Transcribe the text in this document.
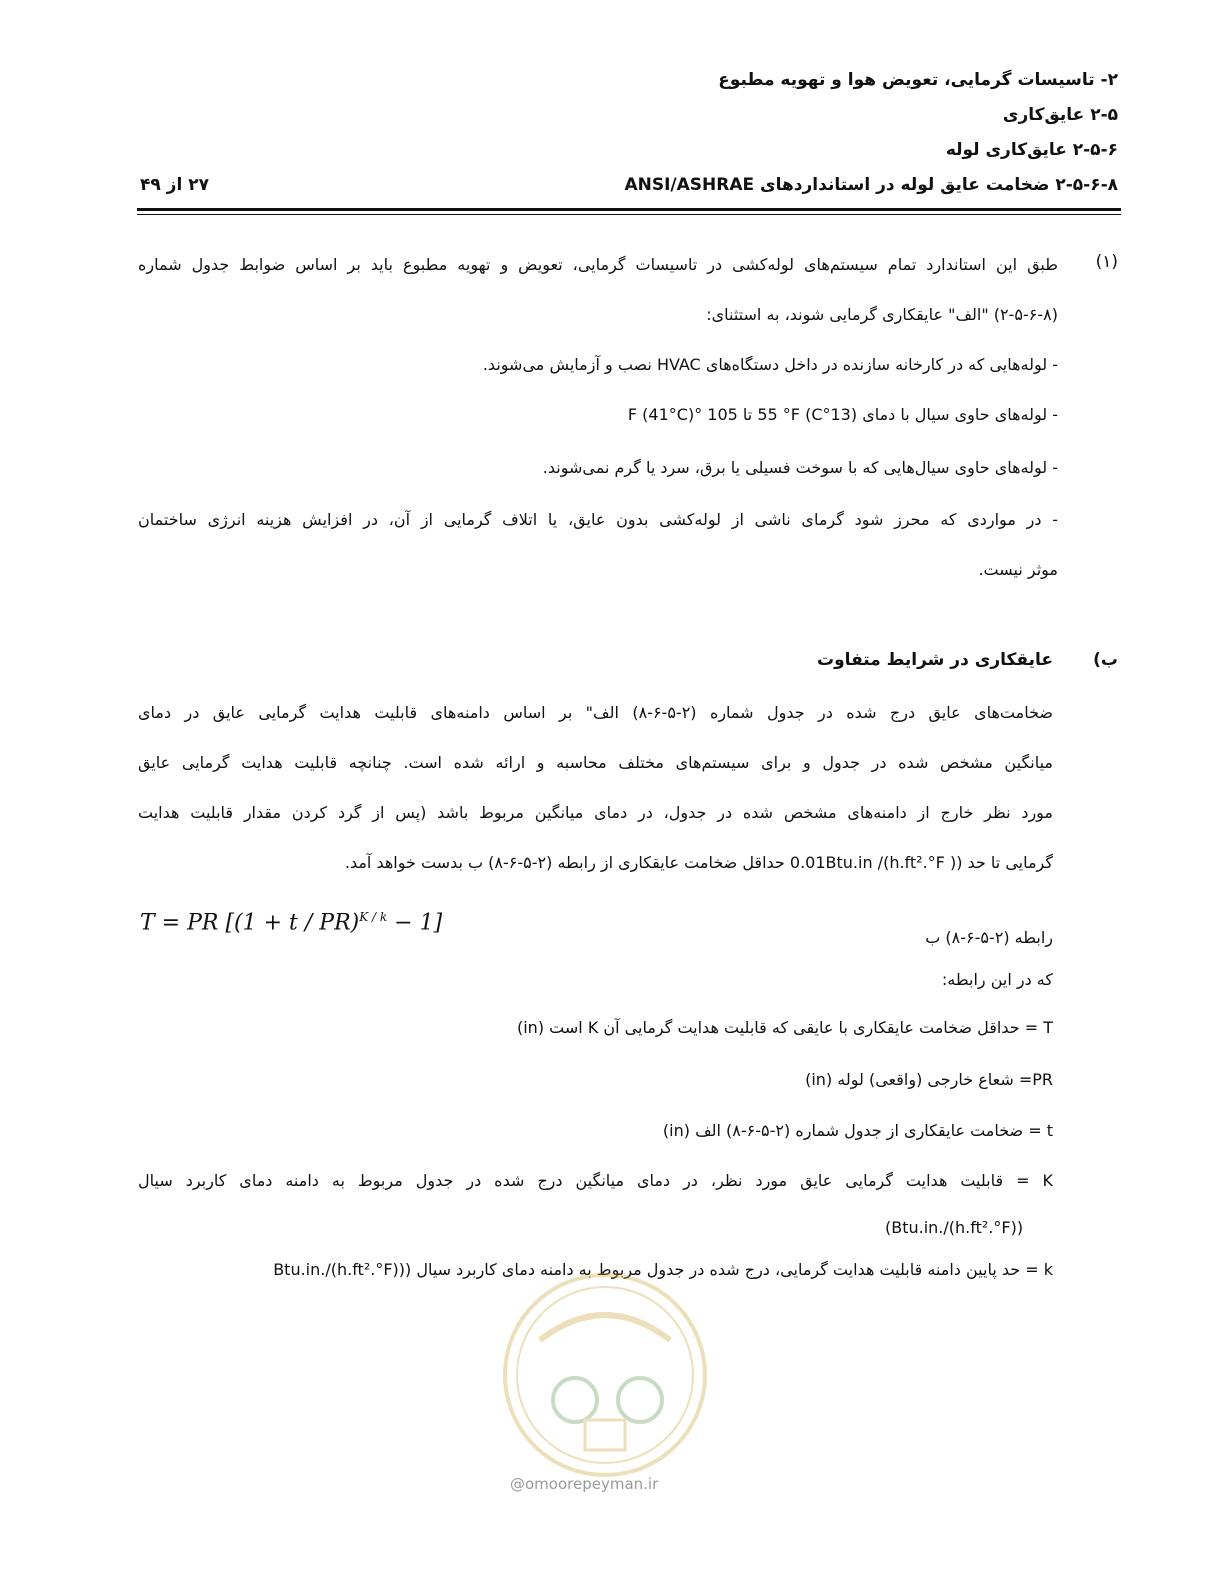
۲- تاسیسات گرمایی، تعویض هوا و تهویه مطبوع
۲-۵ عایق‌کاری
۲-۵-۶ عایق‌کاری لوله
۲-۵-۶-۸ ضخامت عایق لوله در استانداردهای ANSI/ASHRAE
۲۷ از ۴۹
(۱)
طبق این استاندارد تمام سیستم‌های لوله‌کشی در تاسیسات گرمایی، تعویض و تهویه مطبوع باید بر اساس ضوابط جدول شماره
(۲-۵-۶-۸) "الف" عایقکاری گرمایی شوند، به استثنای:
- لوله‌هایی که در کارخانه سازنده در داخل دستگاه‌های HVAC نصب و آزمایش می‌شوند.
- لوله‌های حاوی سیال با دمای (13°C) 55 °F تا 105 °F (41°C)
- لوله‌های حاوی سیال‌هایی که با سوخت فسیلی یا برق، سرد یا گرم نمی‌شوند.
- در مواردی که محرز شود گرمای ناشی از لوله‌کشی بدون عایق، یا اتلاف گرمایی از آن، در افزایش هزینه انرژی ساختمان
موثر نیست.
ب)
عایقکاری در شرایط متفاوت
ضخامت‌های عایق درج شده در جدول شماره (۲-۵-۶-۸) الف" بر اساس دامنه‌های قابلیت هدایت گرمایی عایق در دمای
میانگین مشخص شده در جدول و برای سیستم‌های مختلف محاسبه و ارائه شده است. چنانچه قابلیت هدایت گرمایی عایق
مورد نظر خارج از دامنه‌های مشخص شده در جدول، در دمای میانگین مربوط باشد (پس از گرد کردن مقدار قابلیت هدایت
گرمایی تا حد (0.01Btu.in /(h.ft².°F ) حداقل ضخامت عایقکاری از رابطه (۲-۵-۶-۸) ب بدست خواهد آمد.
رابطه (۲-۵-۶-۸) ب
T = PR [(1 + t / PR)$^{K / k}$ − 1]
که در این رابطه:
T = حداقل ضخامت عایقکاری با عایقی که قابلیت هدایت گرمایی آن K است (in)
PR= شعاع خارجی (واقعی) لوله (in)
t = ضخامت عایقکاری از جدول شماره (۲-۵-۶-۸) الف (in)
K = قابلیت هدایت گرمایی عایق مورد نظر، در دمای میانگین درج شده در جدول مربوط به دامنه دمای کاربرد سیال
(Btu.in./(h.ft².°F))
k = حد پایین دامنه قابلیت هدایت گرمایی، درج شده در جدول مربوط به دامنه دمای کاربرد سیال ((Btu.in./(h.ft².°F)
@omoorepeyman.ir
